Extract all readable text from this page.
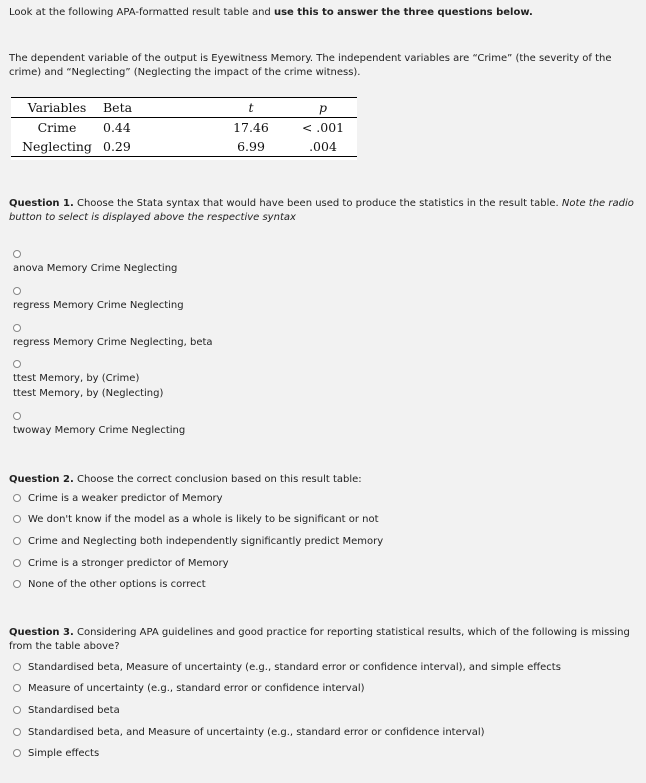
Look at the following APA-formatted result table and use this to answer the three questions below.
The dependent variable of the output is Eyewitness Memory. The independent variables are “Crime” (the severity of the crime) and “Neglecting” (Neglecting the impact of the crime witness).
Variables	Beta	t	p
Crime	0.44	17.46	< .001
Neglecting	0.29	6.99	.004
Question 1. Choose the Stata syntax that would have been used to produce the statistics in the result table. Note the radio button to select is displayed above the respective syntax
anova Memory Crime Neglecting
regress Memory Crime Neglecting
regress Memory Crime Neglecting, beta
ttest Memory, by (Crime)
ttest Memory, by (Neglecting)
twoway Memory Crime Neglecting
Question 2. Choose the correct conclusion based on this result table:
Crime is a weaker predictor of Memory
We don't know if the model as a whole is likely to be significant or not
Crime and Neglecting both independently significantly predict Memory
Crime is a stronger predictor of Memory
None of the other options is correct
Question 3. Considering APA guidelines and good practice for reporting statistical results, which of the following is missing from the table above?
Standardised beta, Measure of uncertainty (e.g., standard error or confidence interval), and simple effects
Measure of uncertainty (e.g., standard error or confidence interval)
Standardised beta
Standardised beta, and Measure of uncertainty (e.g., standard error or confidence interval)
Simple effects
